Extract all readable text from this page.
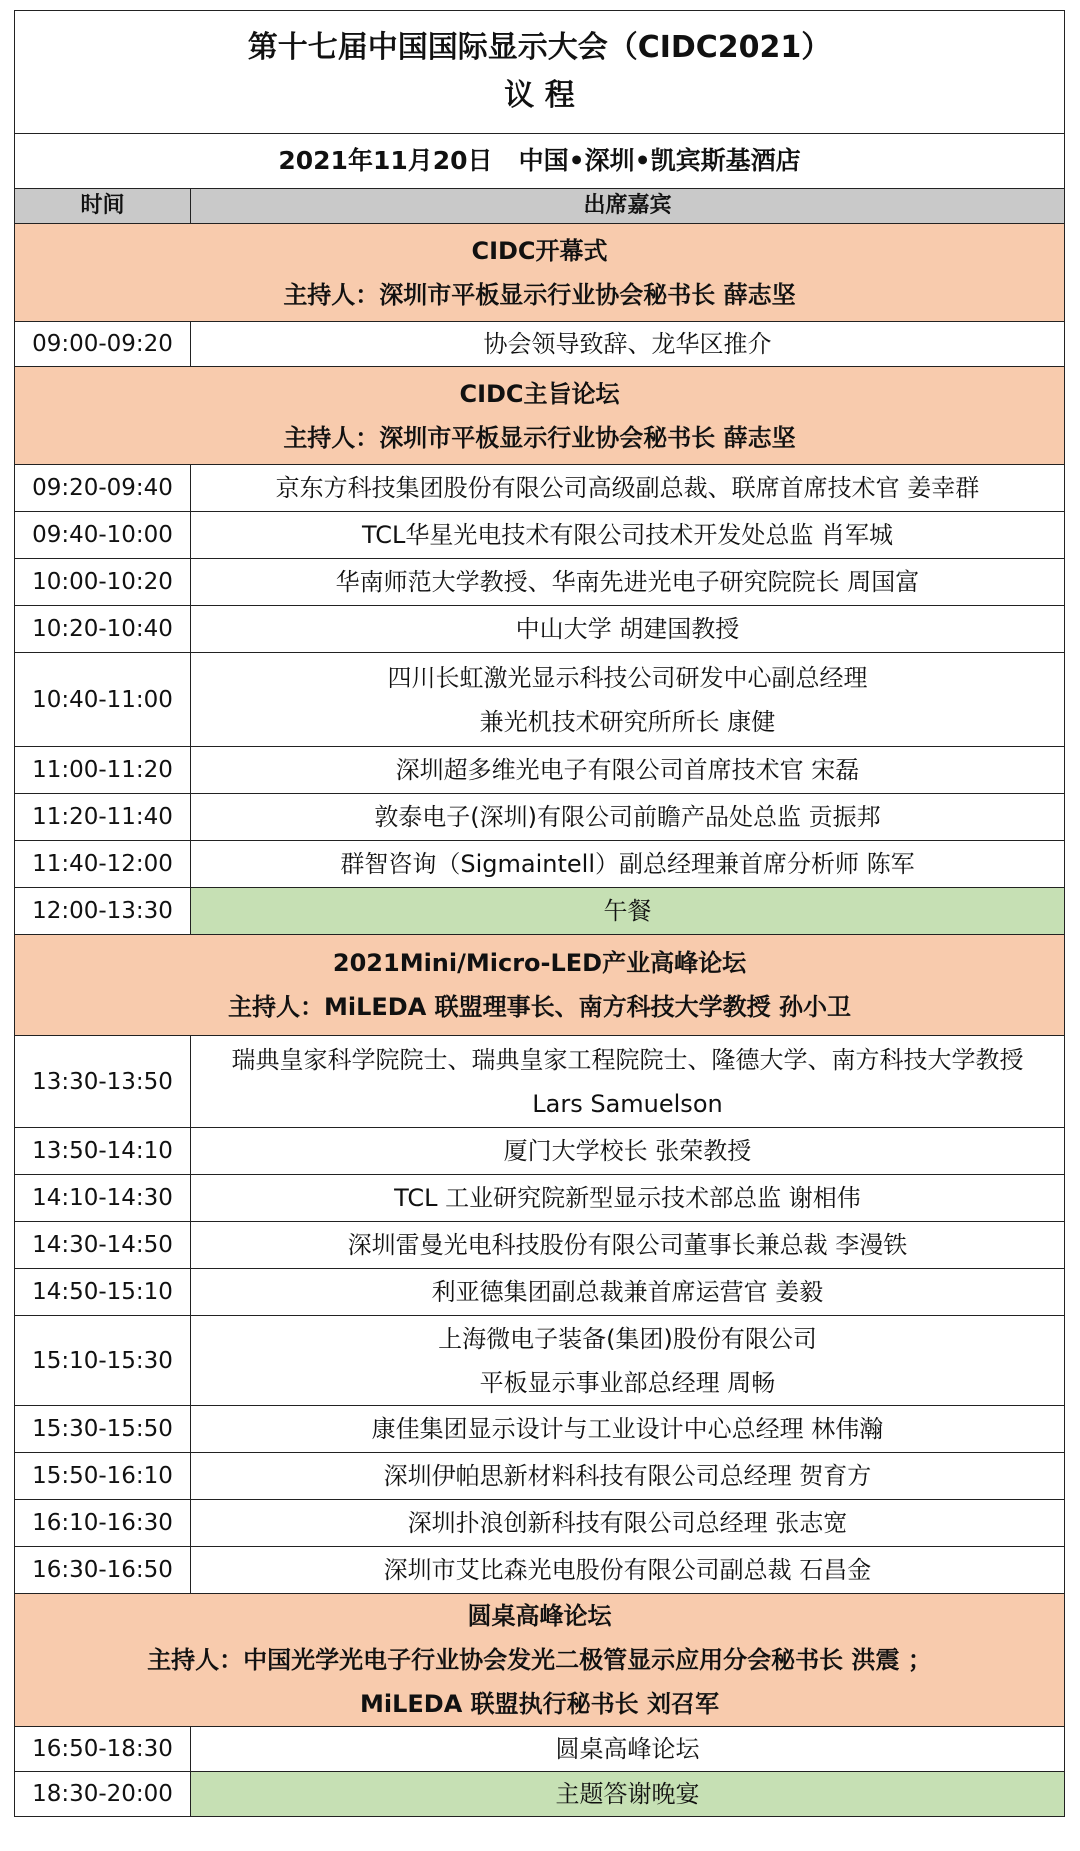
第十七届中国国际显示大会（CIDC2021）
议 程	

2021年11月20日   中国•深圳•凯宾斯基酒店	
时间	出席嘉宾

CIDC开幕式
主持人：深圳市平板显示行业协会秘书长 薛志坚	

09:00-09:20	协会领导致辞、龙华区推介

CIDC主旨论坛
主持人：深圳市平板显示行业协会秘书长 薛志坚	

09:20-09:40	京东方科技集团股份有限公司高级副总裁、联席首席技术官 姜幸群
09:40-10:00	TCL华星光电技术有限公司技术开发处总监 肖军城
10:00-10:20	华南师范大学教授、华南先进光电子研究院院长 周国富
10:20-10:40	中山大学 胡建国教授
10:40-11:00	四川长虹激光显示科技公司研发中心副总经理
兼光机技术研究所所长 康健

11:00-11:20	深圳超多维光电子有限公司首席技术官 宋磊
11:20-11:40	敦泰电子(深圳)有限公司前瞻产品处总监 贡振邦
11:40-12:00	群智咨询（Sigmaintell）副总经理兼首席分析师 陈军
12:00-13:30	午餐

2021Mini/Micro-LED产业高峰论坛
主持人：MiLEDA 联盟理事长、南方科技大学教授 孙小卫	

13:30-13:50	瑞典皇家科学院院士、瑞典皇家工程院院士、隆德大学、南方科技大学教授
Lars Samuelson

13:50-14:10	厦门大学校长 张荣教授
14:10-14:30	TCL 工业研究院新型显示技术部总监 谢相伟
14:30-14:50	深圳雷曼光电科技股份有限公司董事长兼总裁 李漫铁
14:50-15:10	利亚德集团副总裁兼首席运营官 姜毅
15:10-15:30	上海微电子装备(集团)股份有限公司
平板显示事业部总经理 周畅

15:30-15:50	康佳集团显示设计与工业设计中心总经理 林伟瀚
15:50-16:10	深圳伊帕思新材料科技有限公司总经理 贺育方
16:10-16:30	深圳扑浪创新科技有限公司总经理 张志宽
16:30-16:50	深圳市艾比森光电股份有限公司副总裁 石昌金

圆桌高峰论坛
主持人：中国光学光电子行业协会发光二极管显示应用分会秘书长 洪震 ；
MiLEDA 联盟执行秘书长 刘召军	

16:50-18:30	圆桌高峰论坛
18:30-20:00	主题答谢晚宴
